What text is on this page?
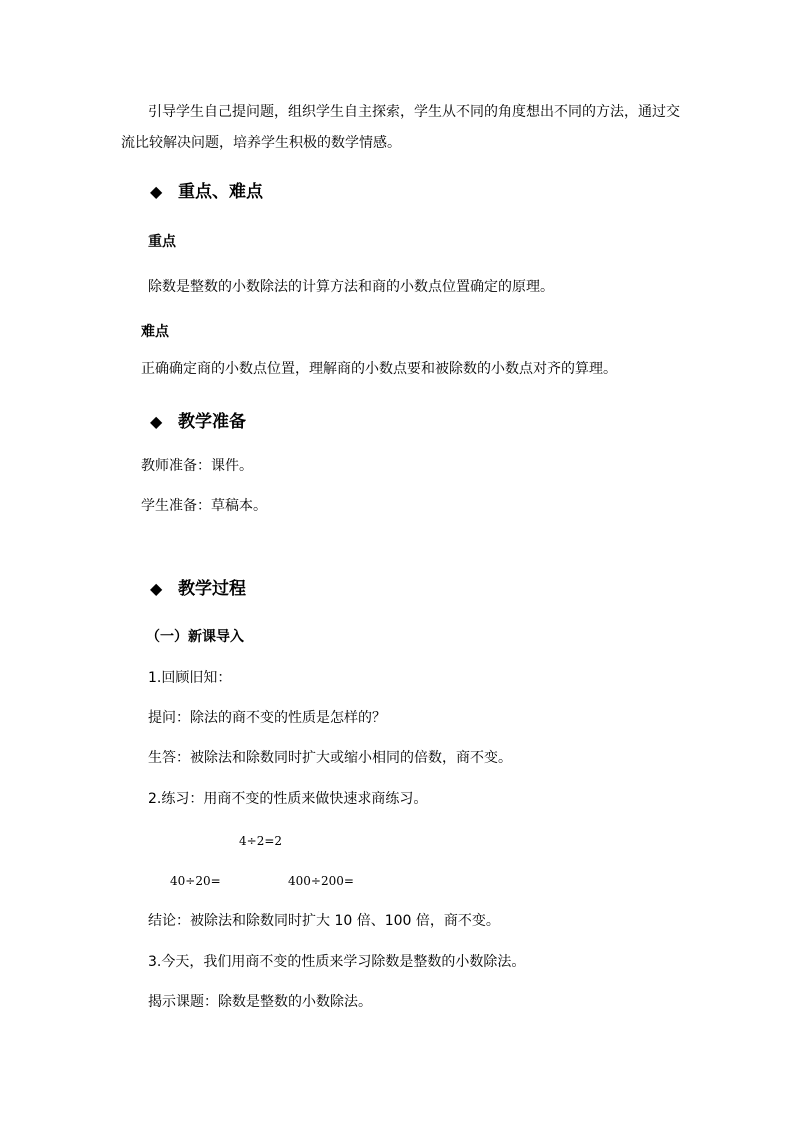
引导学生自己提问题，组织学生自主探索，学生从不同的角度想出不同的方法，通过交
流比较解决问题，培养学生积极的数学情感。
◆ 重点、难点
重点
除数是整数的小数除法的计算方法和商的小数点位置确定的原理。
难点
正确确定商的小数点位置，理解商的小数点要和被除数的小数点对齐的算理。
◆ 教学准备
教师准备：课件。
学生准备：草稿本。
◆ 教学过程
（一）新课导入
1.回顾旧知：
提问：除法的商不变的性质是怎样的？
生答：被除法和除数同时扩大或缩小相同的倍数，商不变。
2.练习：用商不变的性质来做快速求商练习。
4÷2=2
40÷20=	400÷200=
结论：被除法和除数同时扩大 10 倍、100 倍，商不变。
3.今天，我们用商不变的性质来学习除数是整数的小数除法。
揭示课题：除数是整数的小数除法。
